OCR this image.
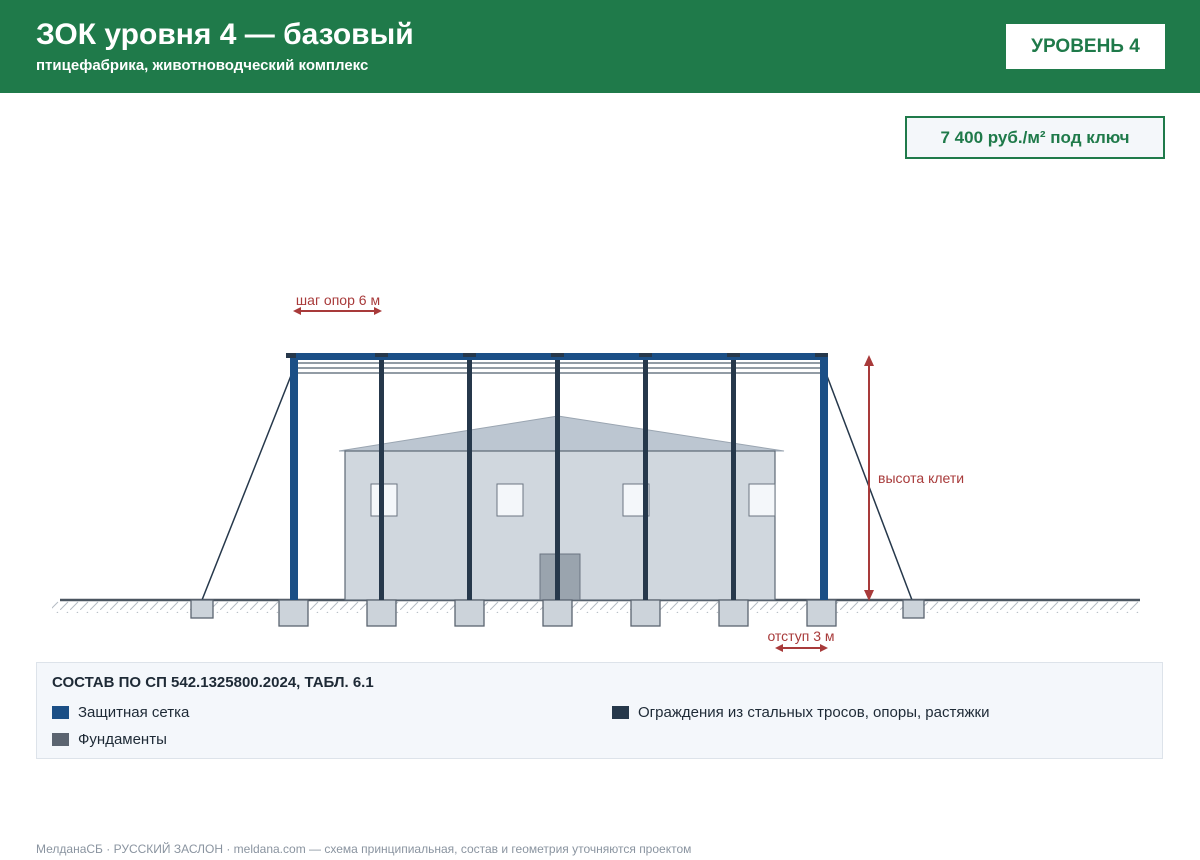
ЗОК уровня 4 — базовый
птицефабрика, животноводческий комплекс
УРОВЕНЬ 4
7 400 руб./м² под ключ
шаг опор 6 м
высота клети
отступ 3 м
СОСТАВ ПО СП 542.1325800.2024, ТАБЛ. 6.1
Защитная сетка	Ограждения из стальных тросов, опоры, растяжки
Фундаменты
МелданаСБ · РУССКИЙ ЗАСЛОН · meldana.com — схема принципиальная, состав и геометрия уточняются проектом
